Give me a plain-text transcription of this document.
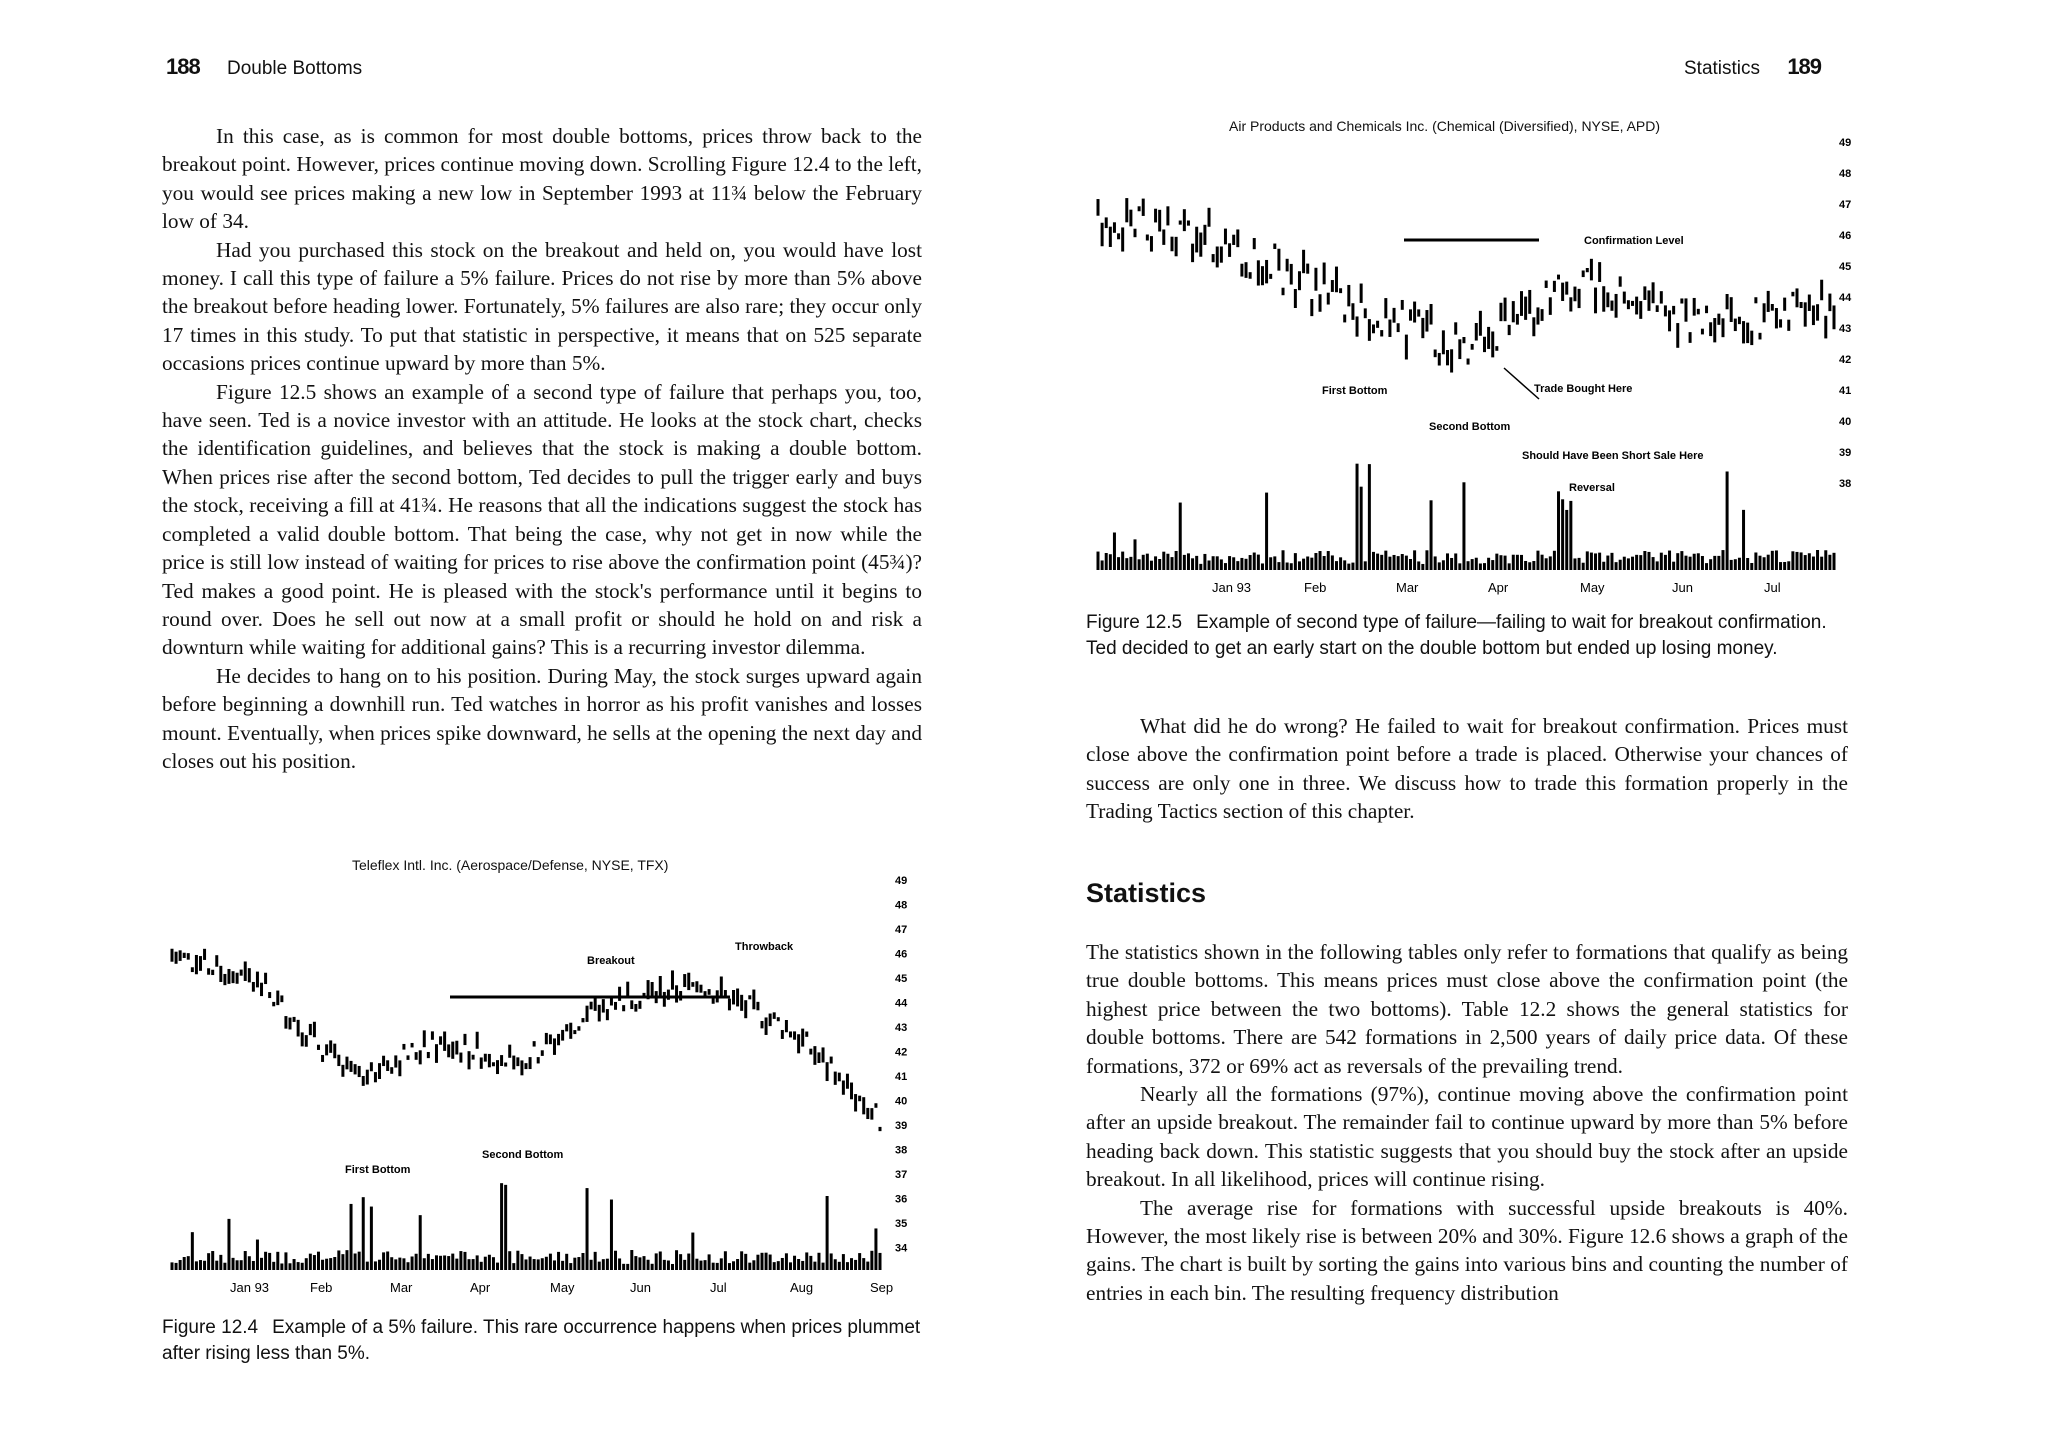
188 Double Bottoms

In this case, as is common for most double bottoms, prices throw back to the breakout point. However, prices continue moving down. Scrolling Figure 12.4 to the left, you would see prices making a new low in September 1993 at 11¾ below the February low of 34.

Had you purchased this stock on the breakout and held on, you would have lost money. I call this type of failure a 5% failure. Prices do not rise by more than 5% above the breakout before heading lower. Fortunately, 5% failures are also rare; they occur only 17 times in this study. To put that statistic in perspective, it means that on 525 separate occasions prices continue upward by more than 5%.

Figure 12.5 shows an example of a second type of failure that perhaps you, too, have seen. Ted is a novice investor with an attitude. He looks at the stock chart, checks the identification guidelines, and believes that the stock is making a double bottom. When prices rise after the second bottom, Ted decides to pull the trigger early and buys the stock, receiving a fill at 41¾. He reasons that all the indications suggest the stock has completed a valid double bottom. That being the case, why not get in now while the price is still low instead of waiting for prices to rise above the confirmation point (45¾)? Ted makes a good point. He is pleased with the stock's performance until it begins to round over. Does he sell out now at a small profit or should he hold on and risk a downturn while waiting for additional gains? This is a recurring investor dilemma.

He decides to hang on to his position. During May, the stock surges upward again before beginning a downhill run. Ted watches in horror as his profit vanishes and losses mount. Eventually, when prices spike downward, he sells at the opening the next day and closes out his position.

Teleflex Intl. Inc. (Aerospace/Defense, NYSE, TFX)
Breakout
Throwback
First Bottom
Second Bottom
Jan 93	Feb	Mar	Apr	May	Jun	Jul	Aug	Sep
49
48
47
46
45
44
43
42
41
40
39
38
37
36
35
34
Figure 12.4 Example of a 5% failure. This rare occurrence happens when prices plummet after rising less than 5%.
Statistics 189
Air Products and Chemicals Inc. (Chemical (Diversified), NYSE, APD)
Confirmation Level
First Bottom
Second Bottom
Trade Bought Here
Should Have Been Short Sale Here
Reversal
Jan 93	Feb	Mar	Apr	May	Jun	Jul
49
48
47
46
45
44
43
42
41
40
39
38
Figure 12.5 Example of second type of failure—failing to wait for breakout confirmation. Ted decided to get an early start on the double bottom but ended up losing money.

What did he do wrong? He failed to wait for breakout confirmation. Prices must close above the confirmation point before a trade is placed. Otherwise your chances of success are only one in three. We discuss how to trade this formation properly in the Trading Tactics section of this chapter.

Statistics

The statistics shown in the following tables only refer to formations that qualify as being true double bottoms. This means prices must close above the confirmation point (the highest price between the two bottoms). Table 12.2 shows the general statistics for double bottoms. There are 542 formations in 2,500 years of daily price data. Of these formations, 372 or 69% act as reversals of the prevailing trend.

Nearly all the formations (97%), continue moving above the confirmation point after an upside breakout. The remainder fail to continue upward by more than 5% before heading back down. This statistic suggests that you should buy the stock after an upside breakout. In all likelihood, prices will continue rising.

The average rise for formations with successful upside breakouts is 40%. However, the most likely rise is between 20% and 30%. Figure 12.6 shows a graph of the gains. The chart is built by sorting the gains into various bins and counting the number of entries in each bin. The resulting frequency distribution
